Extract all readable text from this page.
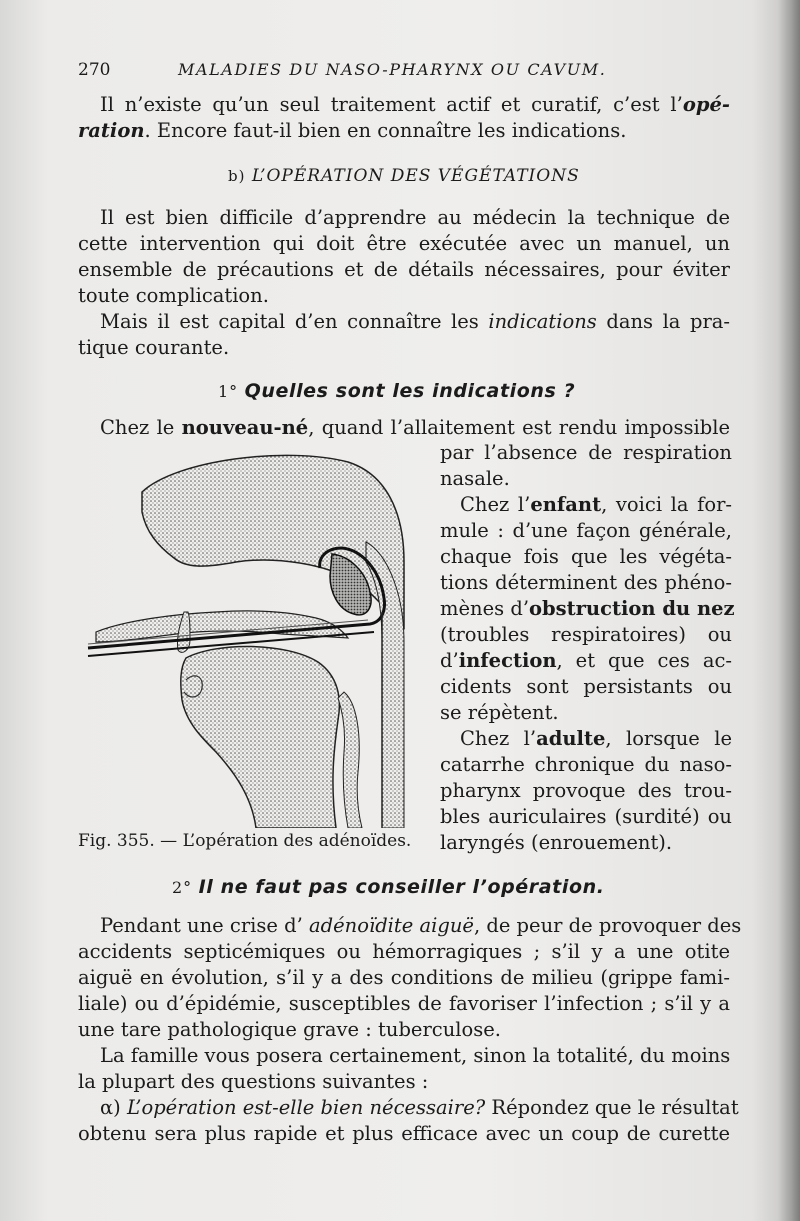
270	MALADIES DU NASO-PHARYNX OU CAVUM.
Il n’existe qu’un seul traitement actif et curatif, c’est l’opé-
ration. Encore faut-il bien en connaître les indications.
b) L’OPÉRATION DES VÉGÉTATIONS
Il est bien difficile d’apprendre au médecin la technique de
cette intervention qui doit être exécutée avec un manuel, un
ensemble de précautions et de détails nécessaires, pour éviter
toute complication.
Mais il est capital d’en connaître les indications dans la pra-
tique courante.
1° Quelles sont les indications ?
Chez le nouveau-né, quand l’allaitement est rendu impossible
Fig. 355. — L’opération des adénoïdes.
par l’absence de respiration
nasale.
Chez l’enfant, voici la for-
mule : d’une façon générale,
chaque fois que les végéta-
tions déterminent des phéno-
mènes d’obstruction du nez
(troubles respiratoires) ou
d’infection, et que ces ac-
cidents sont persistants ou
se répètent.
Chez l’adulte, lorsque le
catarrhe chronique du naso-
pharynx provoque des trou-
bles auriculaires (surdité) ou
laryngés (enrouement).
2° Il ne faut pas conseiller l’opération.
Pendant une crise d’ adénoïdite aiguë, de peur de provoquer des
accidents septicémiques ou hémorragiques ; s’il y a une otite
aiguë en évolution, s’il y a des conditions de milieu (grippe fami-
liale) ou d’épidémie, susceptibles de favoriser l’infection ; s’il y a
une tare pathologique grave : tuberculose.
La famille vous posera certainement, sinon la totalité, du moins
la plupart des questions suivantes :
α) L’opération est-elle bien nécessaire? Répondez que le résultat
obtenu sera plus rapide et plus efficace avec un coup de curette
